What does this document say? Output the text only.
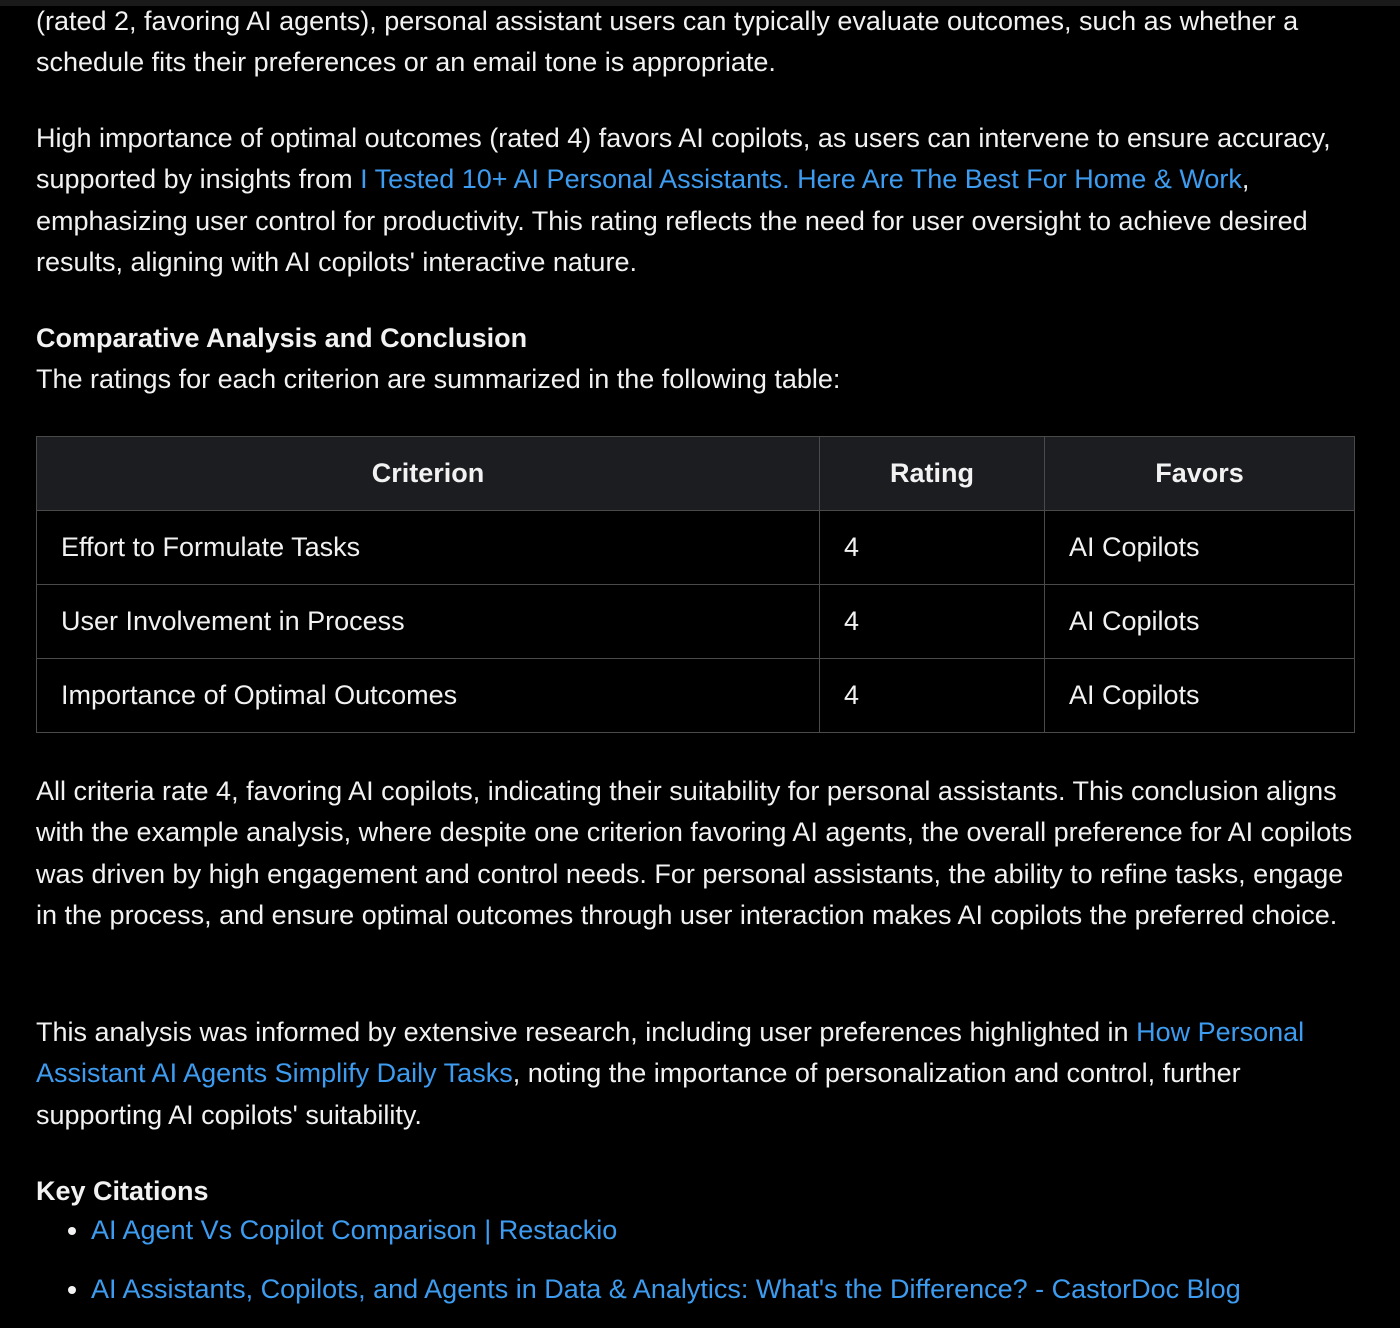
(rated 2, favoring AI agents), personal assistant users can typically evaluate outcomes, such as whether a schedule fits their preferences or an email tone is appropriate.

High importance of optimal outcomes (rated 4) favors AI copilots, as users can intervene to ensure accuracy, supported by insights from I Tested 10+ AI Personal Assistants. Here Are The Best For Home & Work, emphasizing user control for productivity. This rating reflects the need for user oversight to achieve desired results, aligning with AI copilots' interactive nature.

Comparative Analysis and Conclusion

The ratings for each criterion are summarized in the following table:

Criterion	Rating	Favors
Effort to Formulate Tasks	4	AI Copilots
User Involvement in Process	4	AI Copilots
Importance of Optimal Outcomes	4	AI Copilots

All criteria rate 4, favoring AI copilots, indicating their suitability for personal assistants. This conclusion aligns with the example analysis, where despite one criterion favoring AI agents, the overall preference for AI copilots was driven by high engagement and control needs. For personal assistants, the ability to refine tasks, engage in the process, and ensure optimal outcomes through user interaction makes AI copilots the preferred choice.

This analysis was informed by extensive research, including user preferences highlighted in How Personal Assistant AI Agents Simplify Daily Tasks, noting the importance of personalization and control, further supporting AI copilots' suitability.

Key Citations
• AI Agent Vs Copilot Comparison | Restackio
• AI Assistants, Copilots, and Agents in Data & Analytics: What's the Difference? - CastorDoc Blog
